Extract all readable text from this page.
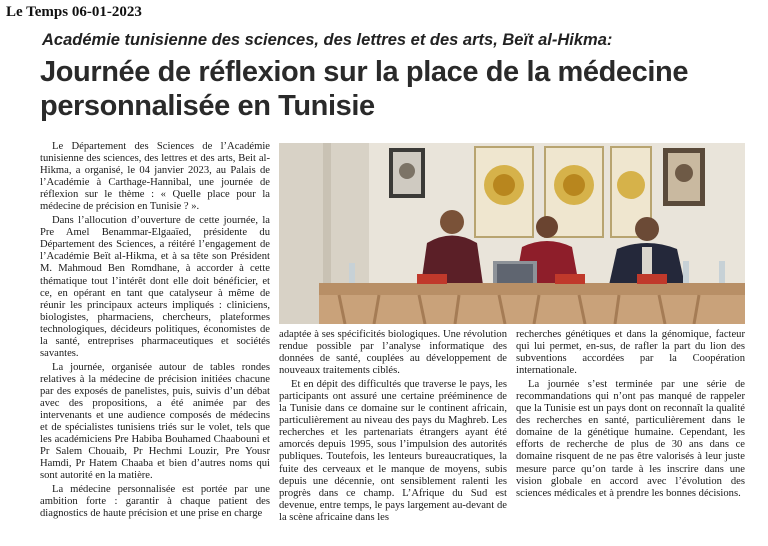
Le Temps 06-01-2023
Académie tunisienne des sciences, des lettres et des arts, Beït al-Hikma:
Journée de réflexion sur la place de la médecine
personnalisée en Tunisie

Le Département des Sciences de l’Académie tunisienne des sciences, des lettres et des arts, Beit al-Hikma, a organisé, le 04 janvier 2023, au Palais de l’Académie à Carthage-Hannibal, une journée de réflexion sur le thème : « Quelle place pour la médecine de précision en Tunisie ? ».

Dans l’allocution d’ouverture de cette journée, la Pre Amel Benammar-Elgaaïed, présidente du Département des Sciences, a réitéré l’engagement de l’Académie Beït al-Hikma, et à sa tête son Président M. Mahmoud Ben Romdhane, à accorder à cette thématique tout l’intérêt dont elle doit bénéficier, et ce, en opérant en tant que catalyseur à même de réunir les principaux acteurs impliqués : cliniciens, biologistes, pharmaciens, chercheurs, plateformes technologiques, décideurs politiques, économistes de la santé, entreprises pharmaceutiques et sociétés savantes.

La journée, organisée autour de tables rondes relatives à la médecine de précision initiées chacune par des exposés de panelistes, puis, suivis d’un débat avec des propositions, a été animée par des intervenants et une audience composés de médecins et de spécialistes tunisiens triés sur le volet, tels que les académiciens Pre Habiba Bouhamed Chaabouni et Pr Salem Chouaib, Pr Hechmi Louzir, Pre Yousr Hamdi, Pr Hatem Chaaba et bien d’autres noms qui sont autorité en la matière.

La médecine personnalisée est portée par une ambition forte : garantir à chaque patient des diagnostics de haute précision et une prise en charge

adaptée à ses spécificités biologiques. Une révolution rendue possible par l’analyse informatique des données de santé, couplées au développement de nouveaux traitements ciblés.

Et en dépit des difficultés que traverse le pays, les participants ont assuré une certaine prééminence de la Tunisie dans ce domaine sur le continent africain, particulièrement au niveau des pays du Maghreb. Les recherches et les partenariats étrangers ayant été amorcés depuis 1995, sous l’impulsion des autorités publiques. Toutefois, les lenteurs bureaucratiques, la fuite des cerveaux et le manque de moyens, subis depuis une décennie, ont sensiblement ralenti les progrès dans ce champ. L’Afrique du Sud est devenue, entre temps, le pays largement au-devant de la scène africaine dans les

recherches génétiques et dans la génomique, facteur qui lui permet, en-sus, de rafler la part du lion des subventions accordées par la Coopération internationale.

La journée s’est terminée par une série de recommandations qui n’ont pas manqué de rappeler que la Tunisie est un pays dont on reconnaît la qualité des recherches en santé, particulièrement dans le domaine de la génétique humaine. Cependant, les efforts de recherche de plus de 30 ans dans ce domaine risquent de ne pas être valorisés à leur juste mesure parce qu’on tarde à les inscrire dans une vision globale en accord avec l’évolution des sciences médicales et à prendre les bonnes décisions.
